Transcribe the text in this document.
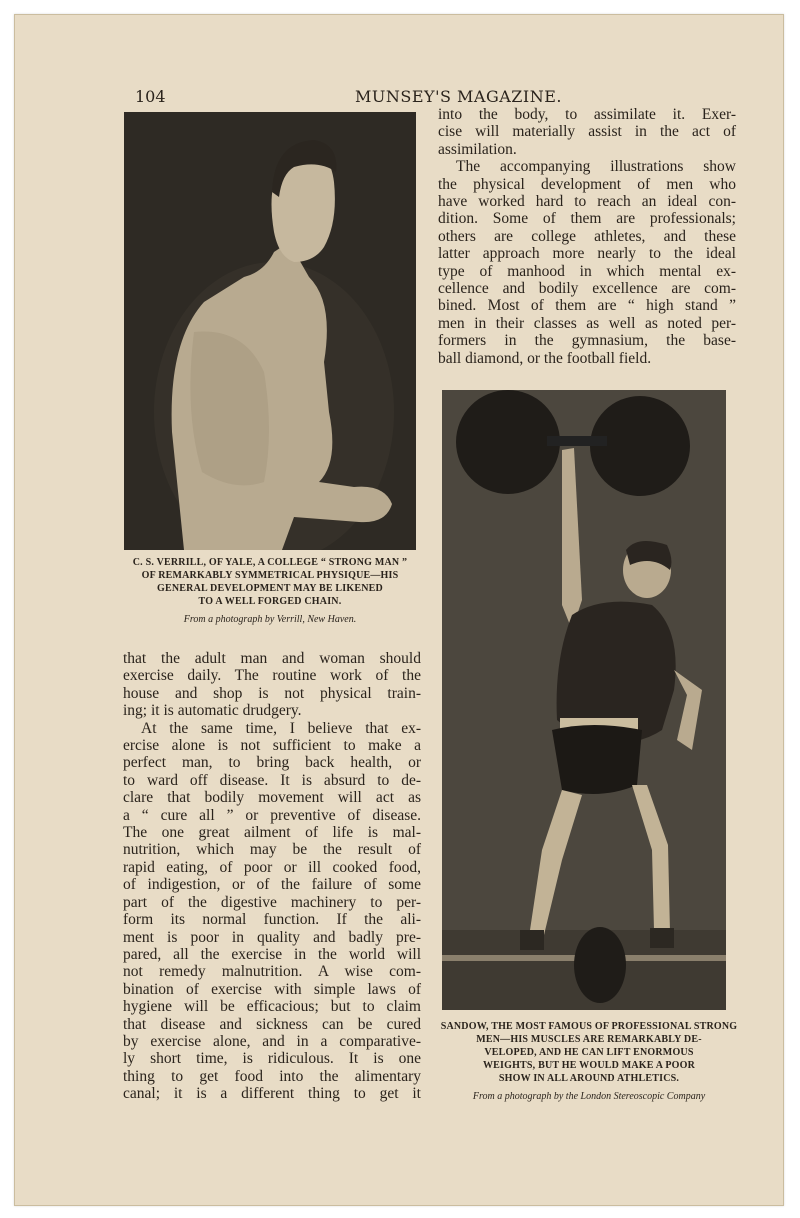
104	MUNSEY'S MAGAZINE.
C. S. VERRILL, OF YALE, A COLLEGE “ STRONG MAN ”
OF REMARKABLY SYMMETRICAL PHYSIQUE—HIS
GENERAL DEVELOPMENT MAY BE LIKENED
TO A WELL FORGED CHAIN.
From a photograph by Verrill, New Haven.
into the body, to assimilate it. Exer-
cise will materially assist in the act of
assimilation.
The accompanying illustrations show
the physical development of men who
have worked hard to reach an ideal con-
dition. Some of them are professionals;
others are college athletes, and these
latter approach more nearly to the ideal
type of manhood in which mental ex-
cellence and bodily excellence are com-
bined. Most of them are “ high stand ”
men in their classes as well as noted per-
formers in the gymnasium, the base-
ball diamond, or the football field.
SANDOW, THE MOST FAMOUS OF PROFESSIONAL STRONG
MEN—HIS MUSCLES ARE REMARKABLY DE-
VELOPED, AND HE CAN LIFT ENORMOUS
WEIGHTS, BUT HE WOULD MAKE A POOR
SHOW IN ALL AROUND ATHLETICS.
From a photograph by the London Stereoscopic Company
that the adult man and woman should
exercise daily. The routine work of the
house and shop is not physical train-
ing; it is automatic drudgery.
At the same time, I believe that ex-
ercise alone is not sufficient to make a
perfect man, to bring back health, or
to ward off disease. It is absurd to de-
clare that bodily movement will act as
a “ cure all ” or preventive of disease.
The one great ailment of life is mal-
nutrition, which may be the result of
rapid eating, of poor or ill cooked food,
of indigestion, or of the failure of some
part of the digestive machinery to per-
form its normal function. If the ali-
ment is poor in quality and badly pre-
pared, all the exercise in the world will
not remedy malnutrition. A wise com-
bination of exercise with simple laws of
hygiene will be efficacious; but to claim
that disease and sickness can be cured
by exercise alone, and in a comparative-
ly short time, is ridiculous. It is one
thing to get food into the alimentary
canal; it is a different thing to get it
